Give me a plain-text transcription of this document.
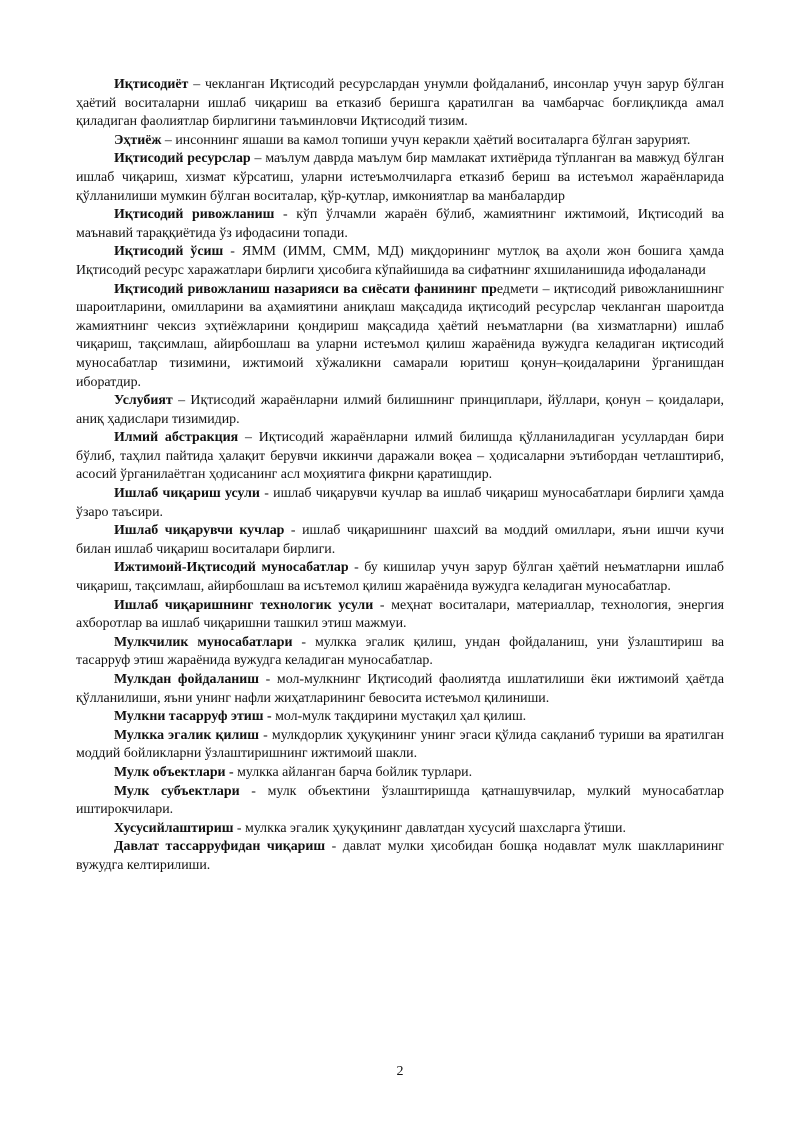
Иқтисодиёт – чекланган Иқтисодий ресурслардан унумли фойдаланиб, инсонлар учун зарур бўлган ҳаётий воситаларни ишлаб чиқариш ва етказиб беришга қаратилган ва чамбарчас боғлиқликда амал қиладиган фаолиятлар бирлигини таъминловчи Иқтисодий тизим.

Эҳтиёж – инсоннинг яшаши ва камол топиши учун керакли ҳаётий воситаларга бўлган зарурият.

Иқтисодий ресурслар – маълум даврда маълум бир мамлакат ихтиёрида тўпланган ва мавжуд бўлган ишлаб чиқариш, хизмат кўрсатиш, уларни истеъмолчиларга етказиб бериш ва истеъмол жараёнларида қўлланилиши мумкин бўлган воситалар, қўр-қутлар, имкониятлар ва манбалардир

Иқтисодий ривожланиш - кўп ўлчамли жараён бўлиб, жамиятнинг ижтимоий, Иқтисодий ва маънавий тараққиётида ўз ифодасини топади.

Иқтисодий ўсиш - ЯММ (ИММ, СММ, МД) миқдорининг мутлоқ ва аҳоли жон бошига ҳамда Иқтисодий ресурс харажатлари бирлиги ҳисобига кўпайишида ва сифатнинг яхшиланишида ифодаланади

Иқтисодий ривожланиш назарияси ва сиёсати фанининг предмети – иқтисодий ривожланишнинг шароитларини, омилларини ва аҳамиятини аниқлаш мақсадида иқтисодий ресурслар чекланган шароитда жамиятнинг чексиз эҳтиёжларини қондириш мақсадида ҳаётий неъматларни (ва хизматларни) ишлаб чиқариш, тақсимлаш, айирбошлаш ва уларни истеъмол қилиш жараёнида вужудга келадиган иқтисодий муносабатлар тизимини, ижтимоий хўжаликни самарали юритиш қонун–қоидаларини ўрганишдан иборатдир.

Услубият – Иқтисодий жараёнларни илмий билишнинг принциплари, йўллари, қонун – қоидалари, аниқ ҳадислари тизимидир.

Илмий абстракция – Иқтисодий жараёнларни илмий билишда қўлланиладиган усуллардан бири бўлиб, таҳлил пайтида ҳалақит берувчи иккинчи даражали воқеа – ҳодисаларни эътибордан четлаштириб, асосий ўрганилаётган ҳодисанинг асл моҳиятига фикрни қаратишдир.

Ишлаб чиқариш усули - ишлаб чиқарувчи кучлар ва ишлаб чиқариш муносабатлари бирлиги ҳамда ўзаро таъсири.

Ишлаб чиқарувчи кучлар - ишлаб чиқаришнинг шахсий ва моддий омиллари, яъни ишчи кучи билан ишлаб чиқариш воситалари бирлиги.

Ижтимоий-Иқтисодий муносабатлар - бу кишилар учун зарур бўлган ҳаётий неъматларни ишлаб чиқариш, тақсимлаш, айирбошлаш ва исътемол қилиш жараёнида вужудга келадиган муносабатлар.

Ишлаб чиқаришнинг технологик усули - меҳнат воситалари, материаллар, технология, энергия ахборотлар ва ишлаб чиқаришни ташкил этиш мажмуи.

Мулкчилик муносабатлари - мулкка эгалик қилиш, ундан фойдаланиш, уни ўзлаштириш ва тасарруф этиш жараёнида вужудга келадиган муносабатлар.

Мулкдан фойдаланиш - мол-мулкнинг Иқтисодий фаолиятда ишлатилиши ёки ижтимоий ҳаётда қўлланилиши, яъни унинг нафли жиҳатларининг бевосита истеъмол қилиниши.

Мулкни тасарруф этиш - мол-мулк тақдирини мустақил ҳал қилиш.

Мулкка эгалик қилиш - мулкдорлик ҳуқуқининг унинг эгаси қўлида сақланиб туриши ва яратилган моддий бойликларни ўзлаштиришнинг ижтимоий шакли.

Мулк объектлари - мулкка айланган барча бойлик турлари.

Мулк субъектлари - мулк объектини ўзлаштиришда қатнашувчилар, мулкий муносабатлар иштирокчилари.

Хусусийлаштириш - мулкка эгалик ҳуқуқининг давлатдан хусусий шахсларга ўтиши.

Давлат тассарруфидан чиқариш - давлат мулки ҳисобидан бошқа нодавлат мулк шаклларининг вужудга келтирилиши.

2
